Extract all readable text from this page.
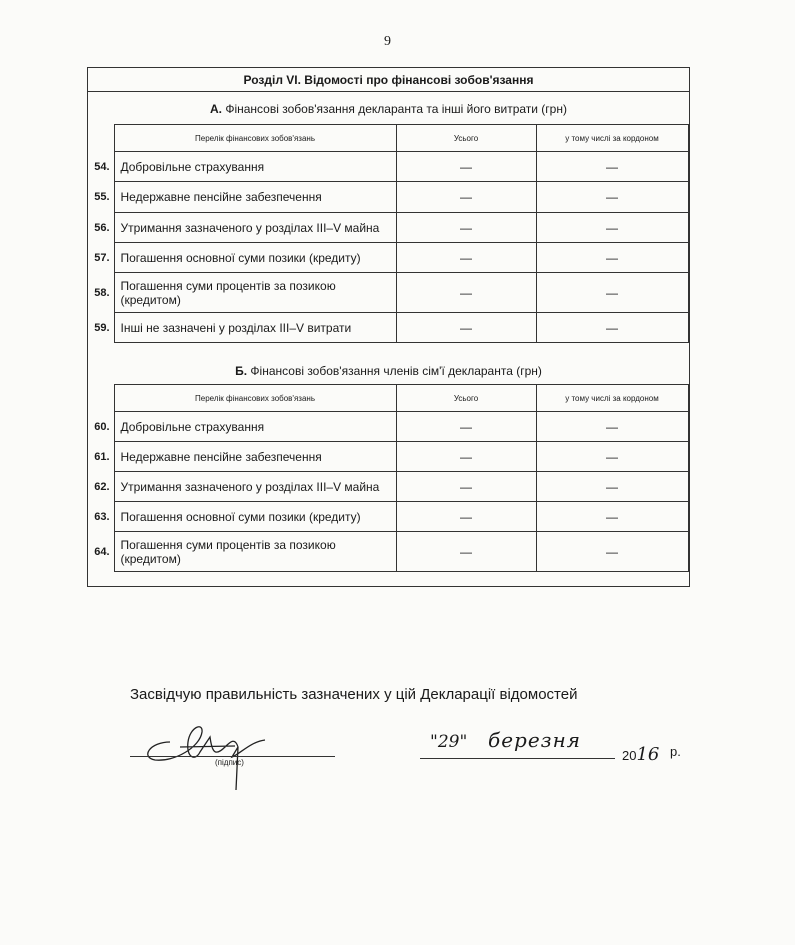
9
Розділ VI. Відомості про фінансові зобов'язання
А. Фінансові зобов'язання декларанта та інші його витрати (грн)
	Перелік фінансових зобов'язань	Усього	у тому числі за кордоном
54.	Добровільне страхування	—	—
55.	Недержавне пенсійне забезпечення	—	—
56.	Утримання зазначеного у розділах III–V майна	—	—
57.	Погашення основної суми позики (кредиту)	—	—
58.	Погашення суми процентів за позикою (кредитом)	—	—
59.	Інші не зазначені у розділах III–V витрати	—	—
Б. Фінансові зобов'язання членів сім'ї декларанта (грн)
	Перелік фінансових зобов'язань	Усього	у тому числі за кордоном
60.	Добровільне страхування	—	—
61.	Недержавне пенсійне забезпечення	—	—
62.	Утримання зазначеного у розділах III–V майна	—	—
63.	Погашення основної суми позики (кредиту)	—	—
64.	Погашення суми процентів за позикою (кредитом)	—	—
Засвідчую правильність зазначених у цій Декларації відомостей
(підпис)
"29" березня
2016 р.
